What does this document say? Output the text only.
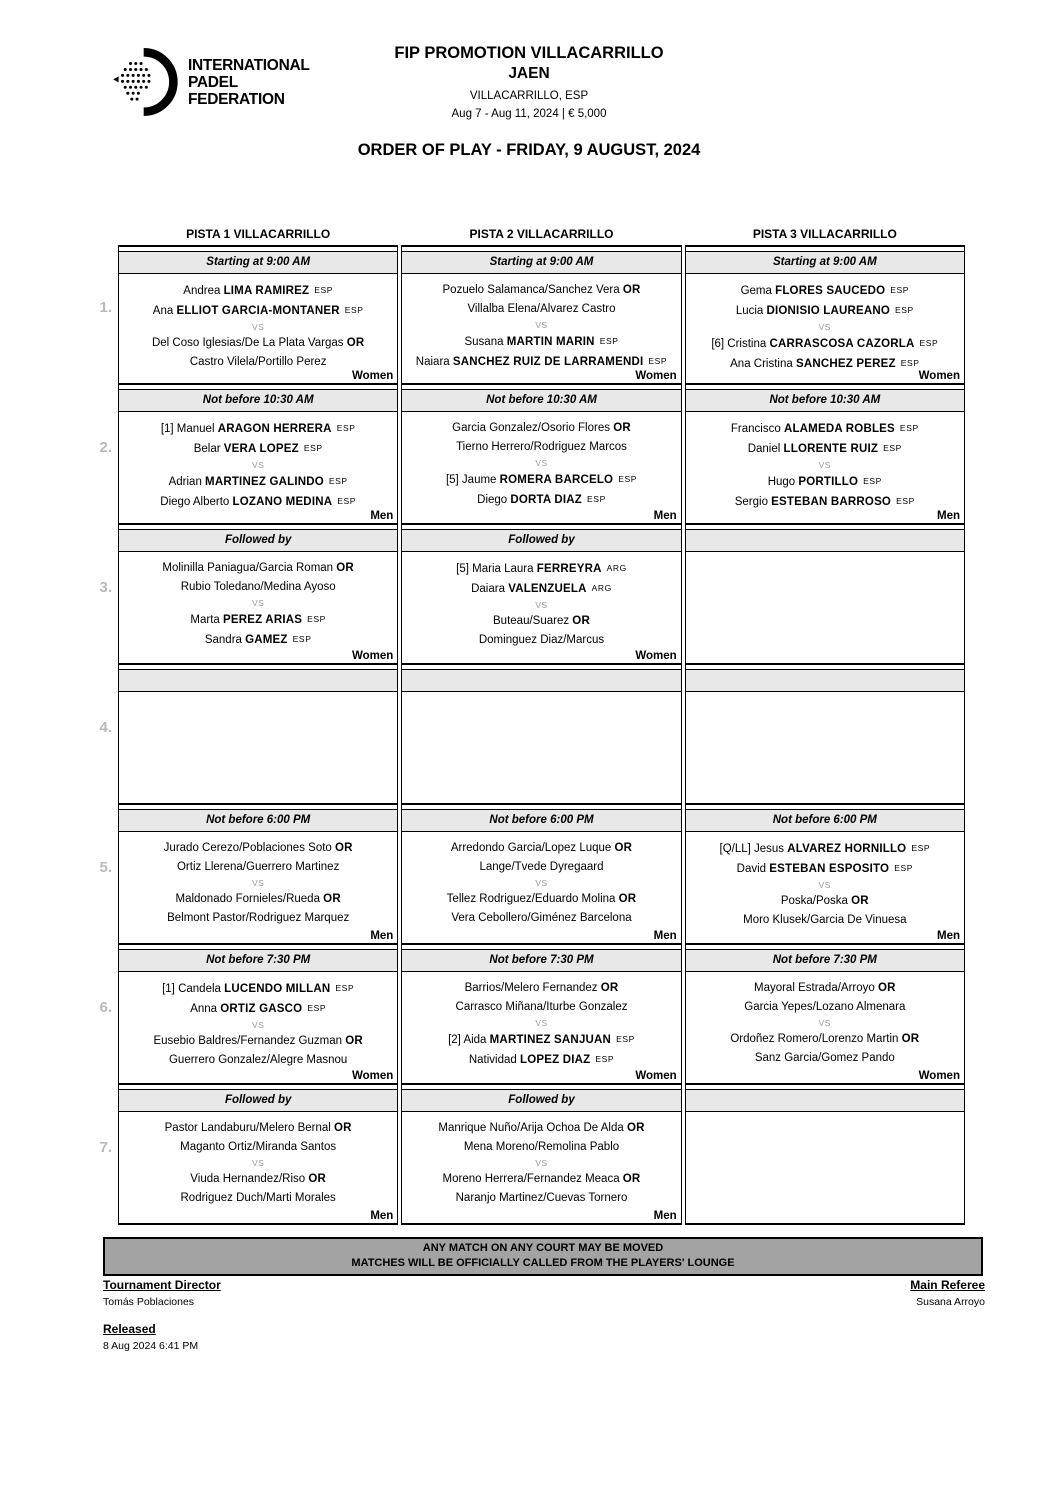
INTERNATIONAL
PADEL
FEDERATION
FIP PROMOTION VILLACARRILLO
JAEN
VILLACARRILLO, ESP
Aug 7 - Aug 11, 2024 | € 5,000
ORDER OF PLAY - FRIDAY, 9 AUGUST, 2024
PISTA 1 VILLACARRILLO	PISTA 2 VILLACARRILLO	PISTA 3 VILLACARRILLO
1.
Starting at 9:00 AM
Andrea LIMA RAMIREZ ESP
Ana ELLIOT GARCIA-MONTANER ESP
VS
Del Coso Iglesias/De La Plata Vargas OR
Castro Vilela/Portillo Perez
Women
Starting at 9:00 AM
Pozuelo Salamanca/Sanchez Vera OR
Villalba Elena/Alvarez Castro
VS
Susana MARTIN MARIN ESP
Naiara SANCHEZ RUIZ DE LARRAMENDI ESP
Women
Starting at 9:00 AM
Gema FLORES SAUCEDO ESP
Lucia DIONISIO LAUREANO ESP
VS
[6] Cristina CARRASCOSA CAZORLA ESP
Ana Cristina SANCHEZ PEREZ ESP
Women
2.
Not before 10:30 AM
[1] Manuel ARAGON HERRERA ESP
Belar VERA LOPEZ ESP
VS
Adrian MARTINEZ GALINDO ESP
Diego Alberto LOZANO MEDINA ESP
Men
Not before 10:30 AM
Garcia Gonzalez/Osorio Flores OR
Tierno Herrero/Rodriguez Marcos
VS
[5] Jaume ROMERA BARCELO ESP
Diego DORTA DIAZ ESP
Men
Not before 10:30 AM
Francisco ALAMEDA ROBLES ESP
Daniel LLORENTE RUIZ ESP
VS
Hugo PORTILLO ESP
Sergio ESTEBAN BARROSO ESP
Men
3.
Followed by
Molinilla Paniagua/Garcia Roman OR
Rubio Toledano/Medina Ayoso
VS
Marta PEREZ ARIAS ESP
Sandra GAMEZ ESP
Women
Followed by
[5] Maria Laura FERREYRA ARG
Daiara VALENZUELA ARG
VS
Buteau/Suarez OR
Dominguez Diaz/Marcus
Women
4.
5.
Not before 6:00 PM
Jurado Cerezo/Poblaciones Soto OR
Ortiz Llerena/Guerrero Martinez
VS
Maldonado Fornieles/Rueda OR
Belmont Pastor/Rodriguez Marquez
Men
Not before 6:00 PM
Arredondo Garcia/Lopez Luque OR
Lange/Tvede Dyregaard
VS
Tellez Rodriguez/Eduardo Molina OR
Vera Cebollero/Giménez Barcelona
Men
Not before 6:00 PM
[Q/LL] Jesus ALVAREZ HORNILLO ESP
David ESTEBAN ESPOSITO ESP
VS
Poska/Poska OR
Moro Klusek/Garcia De Vinuesa
Men
6.
Not before 7:30 PM
[1] Candela LUCENDO MILLAN ESP
Anna ORTIZ GASCO ESP
VS
Eusebio Baldres/Fernandez Guzman OR
Guerrero Gonzalez/Alegre Masnou
Women
Not before 7:30 PM
Barrios/Melero Fernandez OR
Carrasco Miñana/Iturbe Gonzalez
VS
[2] Aida MARTINEZ SANJUAN ESP
Natividad LOPEZ DIAZ ESP
Women
Not before 7:30 PM
Mayoral Estrada/Arroyo OR
Garcia Yepes/Lozano Almenara
VS
Ordoñez Romero/Lorenzo Martin OR
Sanz Garcia/Gomez Pando
Women
7.
Followed by
Pastor Landaburu/Melero Bernal OR
Maganto Ortiz/Miranda Santos
VS
Viuda Hernandez/Riso OR
Rodriguez Duch/Marti Morales
Men
Followed by
Manrique Nuño/Arija Ochoa De Alda OR
Mena Moreno/Remolina Pablo
VS
Moreno Herrera/Fernandez Meaca OR
Naranjo Martinez/Cuevas Tornero
Men
ANY MATCH ON ANY COURT MAY BE MOVED
MATCHES WILL BE OFFICIALLY CALLED FROM THE PLAYERS' LOUNGE
Tournament Director
Tomás Poblaciones
Main Referee
Susana Arroyo
Released
8 Aug 2024 6:41 PM
